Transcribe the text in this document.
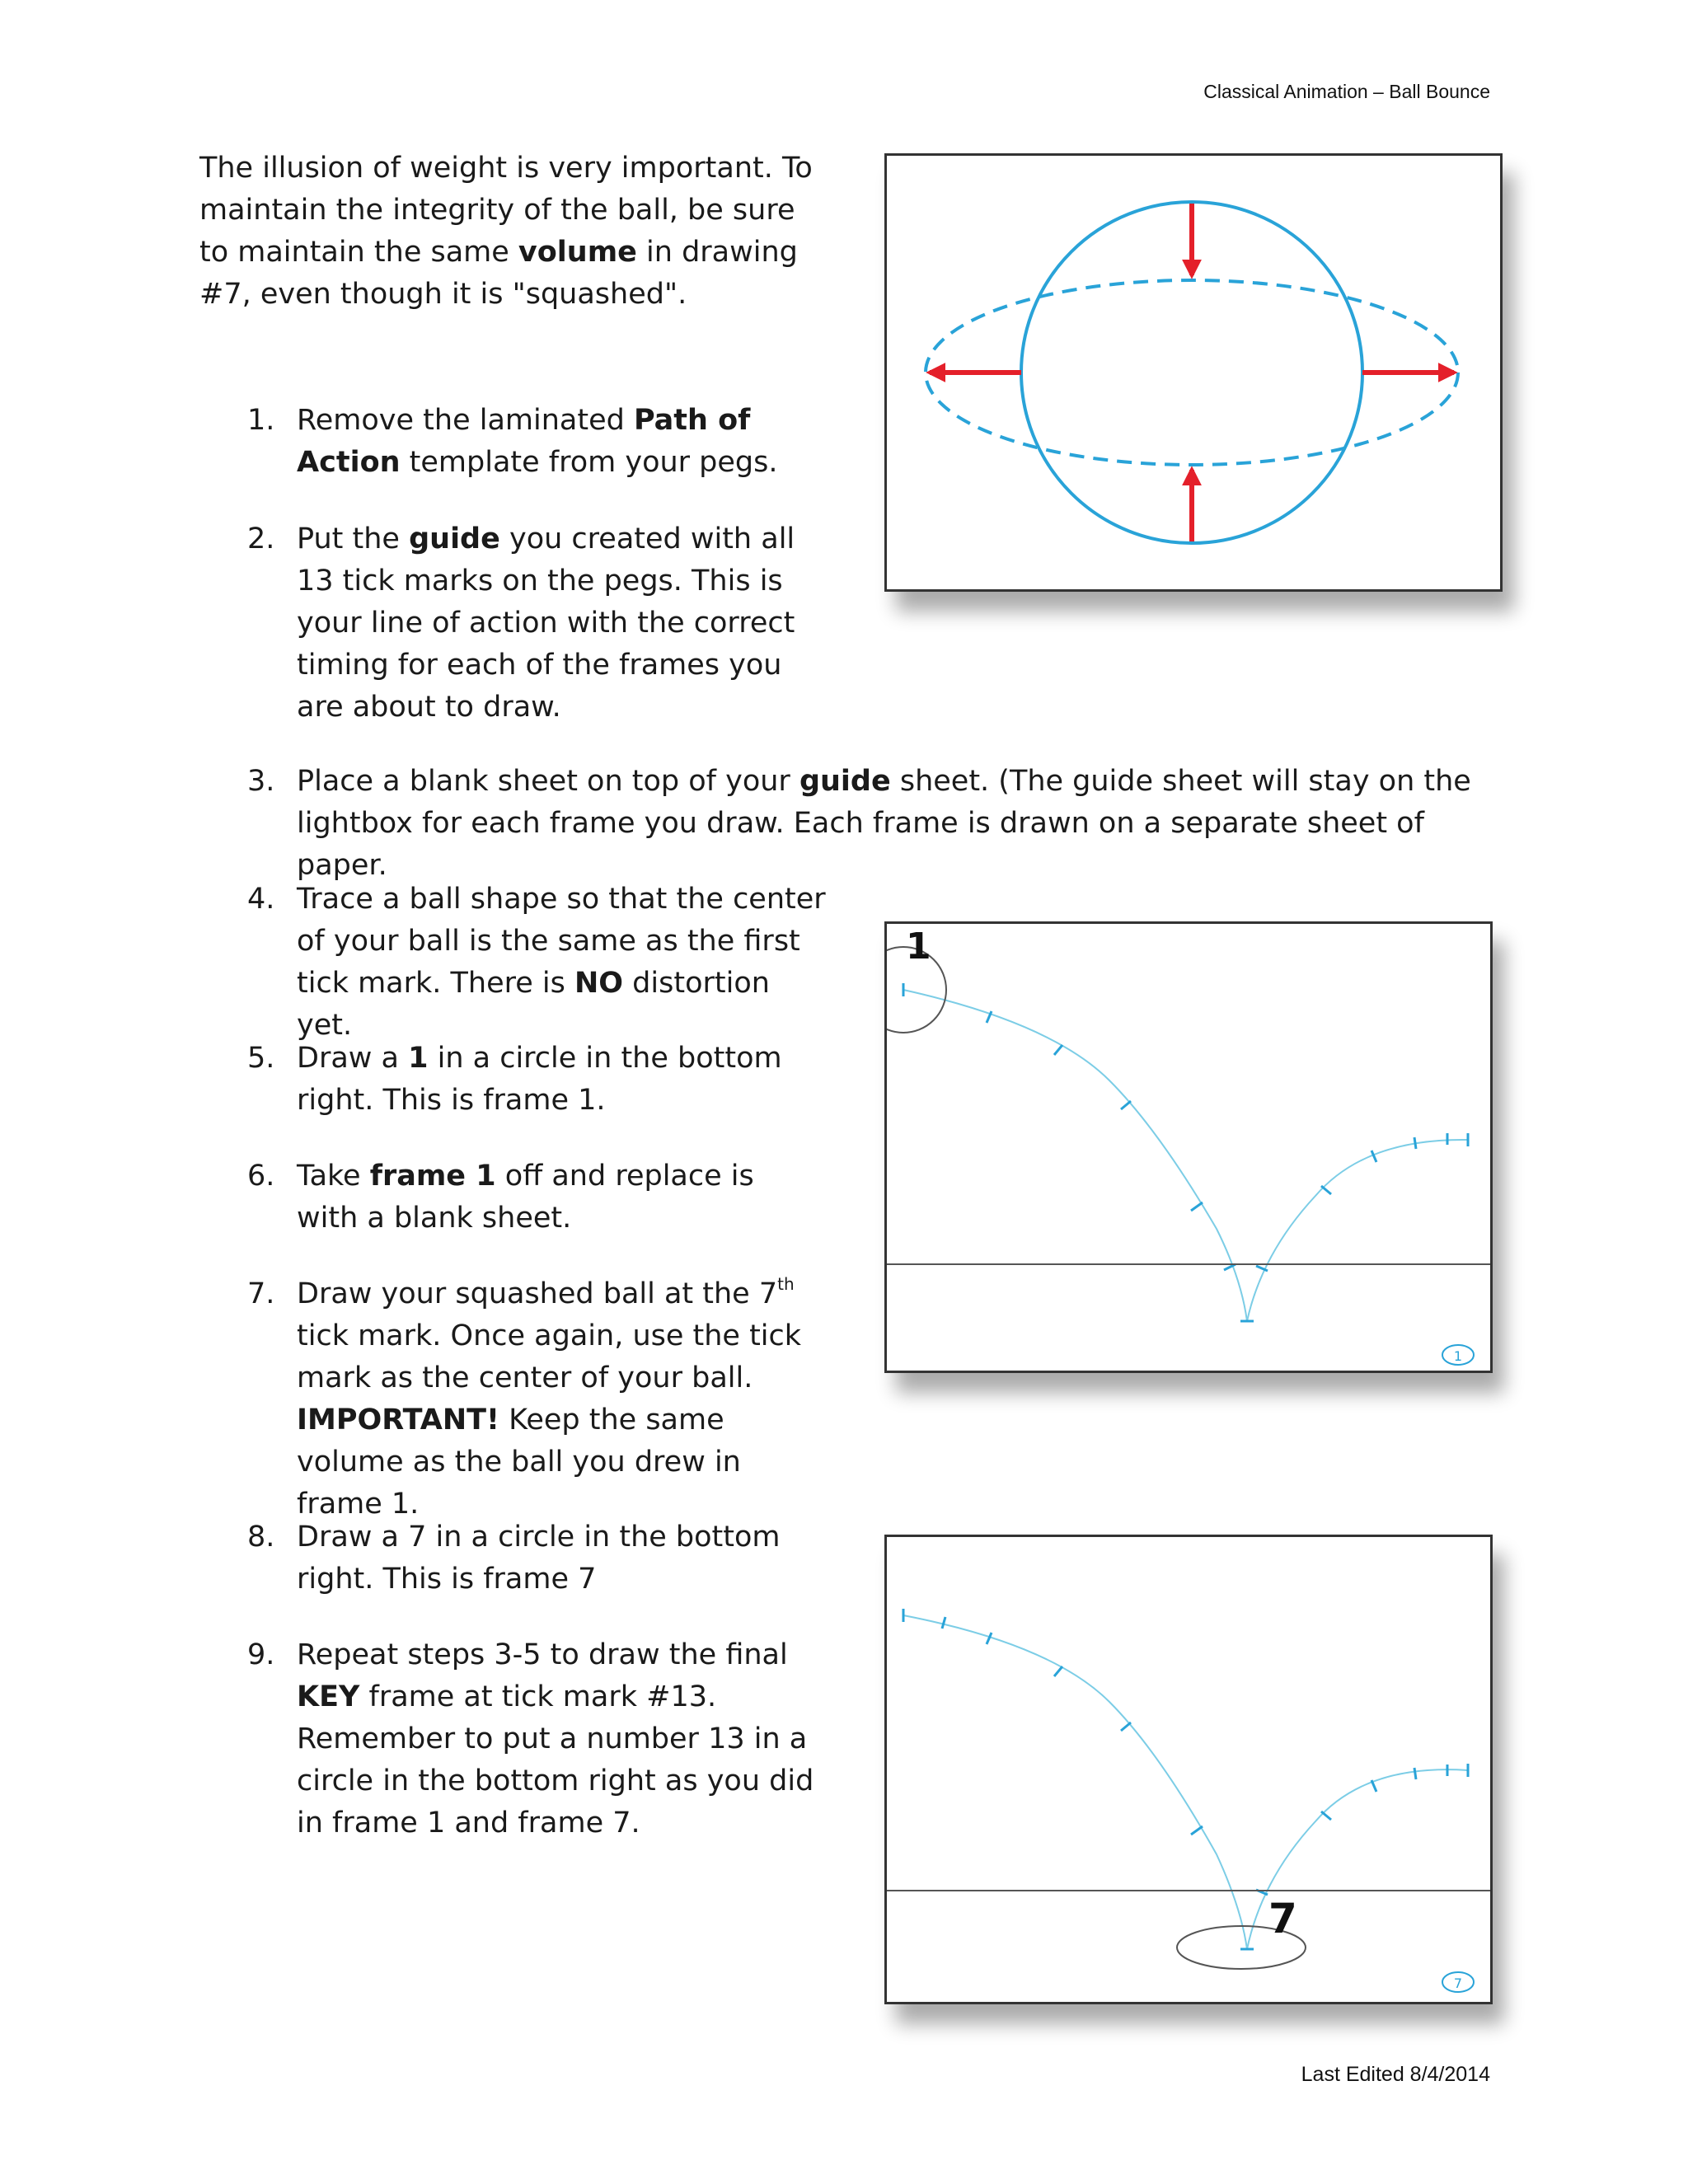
Classical Animation – Ball Bounce

The illusion of weight is very important. To maintain the integrity of the ball, be sure to maintain the same volume in drawing #7, even though it is "squashed".

1. Remove the laminated Path of Action template from your pegs.
2. Put the guide you created with all 13 tick marks on the pegs. This is your line of action with the correct timing for each of the frames you are about to draw.
3. Place a blank sheet on top of your guide sheet. (The guide sheet will stay on the lightbox for each frame you draw. Each frame is drawn on a separate sheet of paper.
4. Trace a ball shape so that the center of your ball is the same as the first tick mark. There is NO distortion yet.
5. Draw a 1 in a circle in the bottom right. This is frame 1.
6. Take frame 1 off and replace is with a blank sheet.
7. Draw your squashed ball at the 7th tick mark. Once again, use the tick mark as the center of your ball. IMPORTANT! Keep the same volume as the ball you drew in frame 1.
8. Draw a 7 in a circle in the bottom right. This is frame 7
9. Repeat steps 3-5 to draw the final KEY frame at tick mark #13. Remember to put a number 13 in a circle in the bottom right as you did in frame 1 and frame 7.
1
1
7
7
Last Edited 8/4/2014
